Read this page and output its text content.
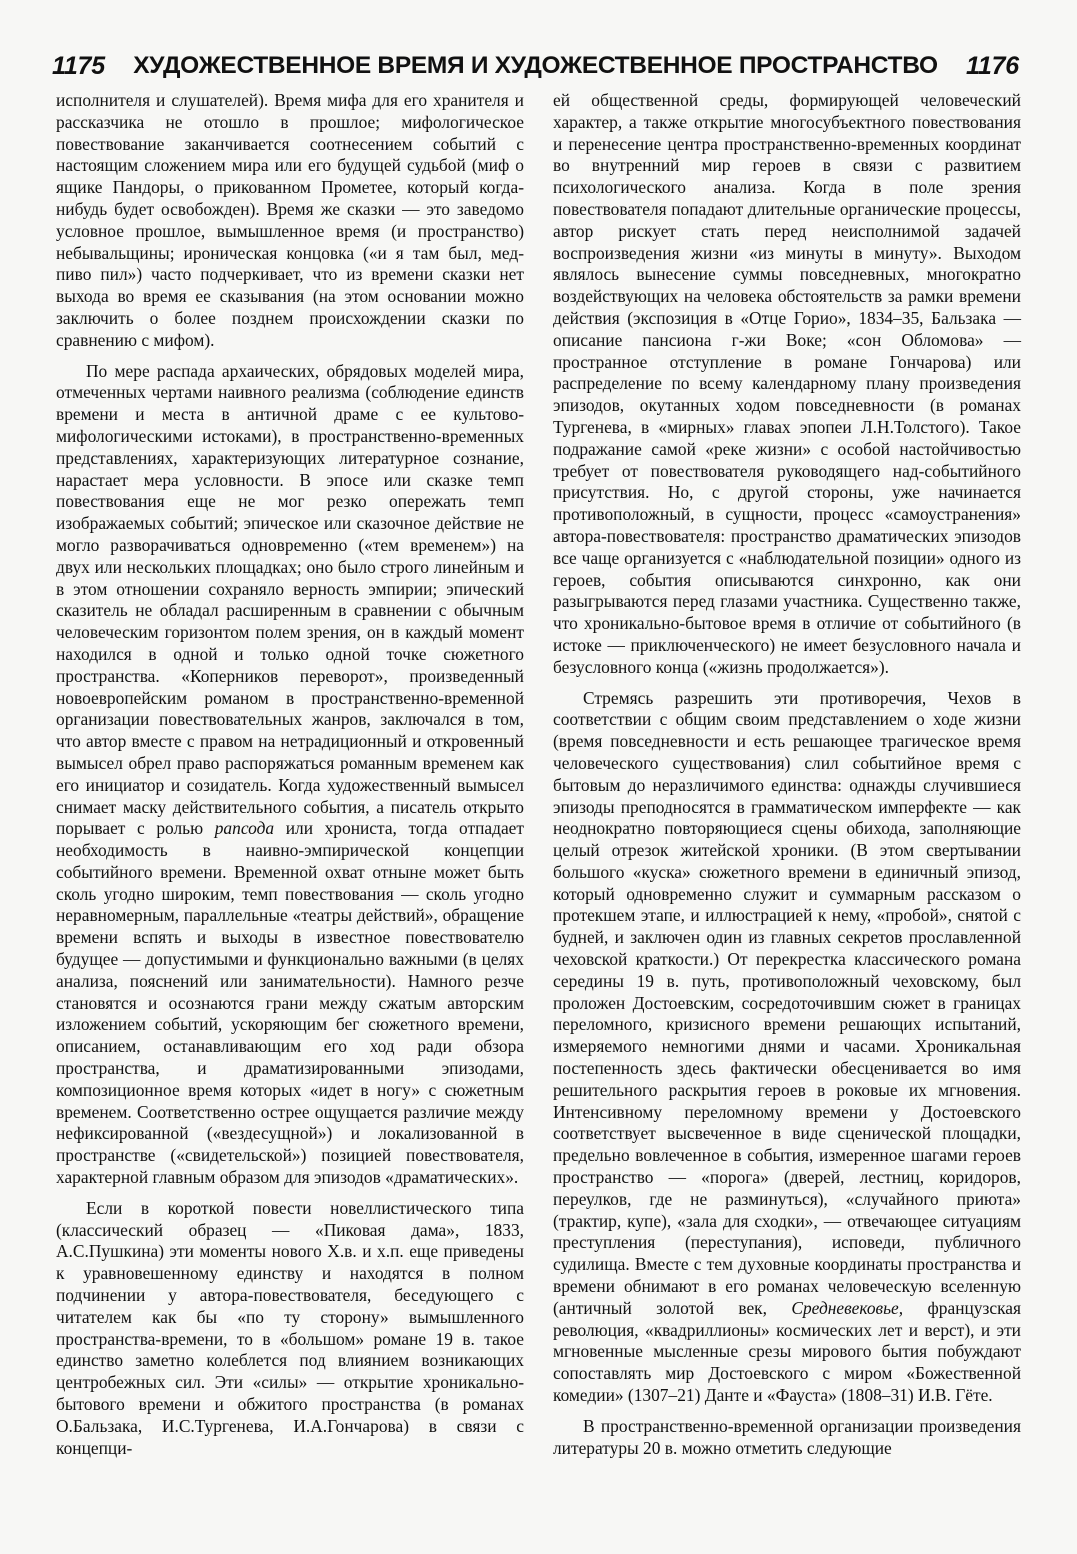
1175	ХУДОЖЕСТВЕННОЕ ВРЕМЯ И ХУДОЖЕСТВЕННОЕ ПРОСТРАНСТВО	1176

исполнителя и слушателей). Время мифа для его хранителя и рассказчика не отошло в прошлое; мифологическое повествование заканчивается соотнесением событий с настоящим сложением мира или его будущей судьбой (миф о ящике Пандоры, о прикованном Прометее, который когда-нибудь будет освобожден). Время же сказки — это заведомо условное прошлое, вымышленное время (и пространство) небывальщины; ироническая концовка («и я там был, мед-пиво пил») часто подчеркивает, что из времени сказки нет выхода во время ее сказывания (на этом основании можно заключить о более позднем происхождении сказки по сравнению с мифом).

По мере распада архаических, обрядовых моделей мира, отмеченных чертами наивного реализма (соблюдение единств времени и места в античной драме с ее культово-мифологическими истоками), в пространственно-временных представлениях, характеризующих литературное сознание, нарастает мера условности. В эпосе или сказке темп повествования еще не мог резко опережать темп изображаемых событий; эпическое или сказочное действие не могло разворачиваться одновременно («тем временем») на двух или нескольких площадках; оно было строго линейным и в этом отношении сохраняло верность эмпирии; эпический сказитель не обладал расширенным в сравнении с обычным человеческим горизонтом полем зрения, он в каждый момент находился в одной и только одной точке сюжетного пространства. «Коперников переворот», произведенный новоевропейским романом в пространственно-временной организации повествовательных жанров, заключался в том, что автор вместе с правом на нетрадиционный и откровенный вымысел обрел право распоряжаться романным временем как его инициатор и созидатель. Когда художественный вымысел снимает маску действительного события, а писатель открыто порывает с ролью рапсода или хрониста, тогда отпадает необходимость в наивно-эмпирической концепции событийного времени. Временной охват отныне может быть сколь угодно широким, темп повествования — сколь угодно неравномерным, параллельные «театры действий», обращение времени вспять и выходы в известное повествователю будущее — допустимыми и функционально важными (в целях анализа, пояснений или занимательности). Намного резче становятся и осознаются грани между сжатым авторским изложением событий, ускоряющим бег сюжетного времени, описанием, останавливающим его ход ради обзора пространства, и драматизированными эпизодами, композиционное время которых «идет в ногу» с сюжетным временем. Соответственно острее ощущается различие между нефиксированной («вездесущной») и локализованной в пространстве («свидетельской») позицией повествователя, характерной главным образом для эпизодов «драматических».

Если в короткой повести новеллистического типа (классический образец — «Пиковая дама», 1833, А.С.Пушкина) эти моменты нового Х.в. и х.п. еще приведены к уравновешенному единству и находятся в полном подчинении у автора-повествователя, беседующего с читателем как бы «по ту сторону» вымышленного пространства-времени, то в «большом» романе 19 в. такое единство заметно колеблется под влиянием возникающих центробежных сил. Эти «силы» — открытие хроникально-бытового времени и обжитого пространства (в романах О.Бальзака, И.С.Тургенева, И.А.Гончарова) в связи с концепци-

ей общественной среды, формирующей человеческий характер, а также открытие многосубъектного повествования и перенесение центра пространственно-временных координат во внутренний мир героев в связи с развитием психологического анализа. Когда в поле зрения повествователя попадают длительные органические процессы, автор рискует стать перед неисполнимой задачей воспроизведения жизни «из минуты в минуту». Выходом являлось вынесение суммы повседневных, многократно воздействующих на человека обстоятельств за рамки времени действия (экспозиция в «Отце Горио», 1834–35, Бальзака — описание пансиона г-жи Воке; «сон Обломова» — пространное отступление в романе Гончарова) или распределение по всему календарному плану произведения эпизодов, окутанных ходом повседневности (в романах Тургенева, в «мирных» главах эпопеи Л.Н.Толстого). Такое подражание самой «реке жизни» с особой настойчивостью требует от повествователя руководящего над-событийного присутствия. Но, с другой стороны, уже начинается противоположный, в сущности, процесс «самоустранения» автора-повествователя: пространство драматических эпизодов все чаще организуется с «наблюдательной позиции» одного из героев, события описываются синхронно, как они разыгрываются перед глазами участника. Существенно также, что хроникально-бытовое время в отличие от событийного (в истоке — приключенческого) не имеет безусловного начала и безусловного конца («жизнь продолжается»).

Стремясь разрешить эти противоречия, Чехов в соответствии с общим своим представлением о ходе жизни (время повседневности и есть решающее трагическое время человеческого существования) слил событийное время с бытовым до неразличимого единства: однажды случившиеся эпизоды преподносятся в грамматическом имперфекте — как неоднократно повторяющиеся сцены обихода, заполняющие целый отрезок житейской хроники. (В этом свертывании большого «куска» сюжетного времени в единичный эпизод, который одновременно служит и суммарным рассказом о протекшем этапе, и иллюстрацией к нему, «пробой», снятой с будней, и заключен один из главных секретов прославленной чеховской краткости.) От перекрестка классического романа середины 19 в. путь, противоположный чеховскому, был проложен Достоевским, сосредоточившим сюжет в границах переломного, кризисного времени решающих испытаний, измеряемого немногими днями и часами. Хроникальная постепенность здесь фактически обесценивается во имя решительного раскрытия героев в роковые их мгновения. Интенсивному переломному времени у Достоевского соответствует высвеченное в виде сценической площадки, предельно вовлеченное в события, измеренное шагами героев пространство — «порога» (дверей, лестниц, коридоров, переулков, где не разминуться), «случайного приюта» (трактир, купе), «зала для сходки», — отвечающее ситуациям преступления (переступания), исповеди, публичного судилища. Вместе с тем духовные координаты пространства и времени обнимают в его романах человеческую вселенную (античный золотой век, Средневековье, французская революция, «квадриллионы» космических лет и верст), и эти мгновенные мысленные срезы мирового бытия побуждают сопоставлять мир Достоевского с миром «Божественной комедии» (1307–21) Данте и «Фауста» (1808–31) И.В. Гёте.

В пространственно-временной организации произведения литературы 20 в. можно отметить следующие
